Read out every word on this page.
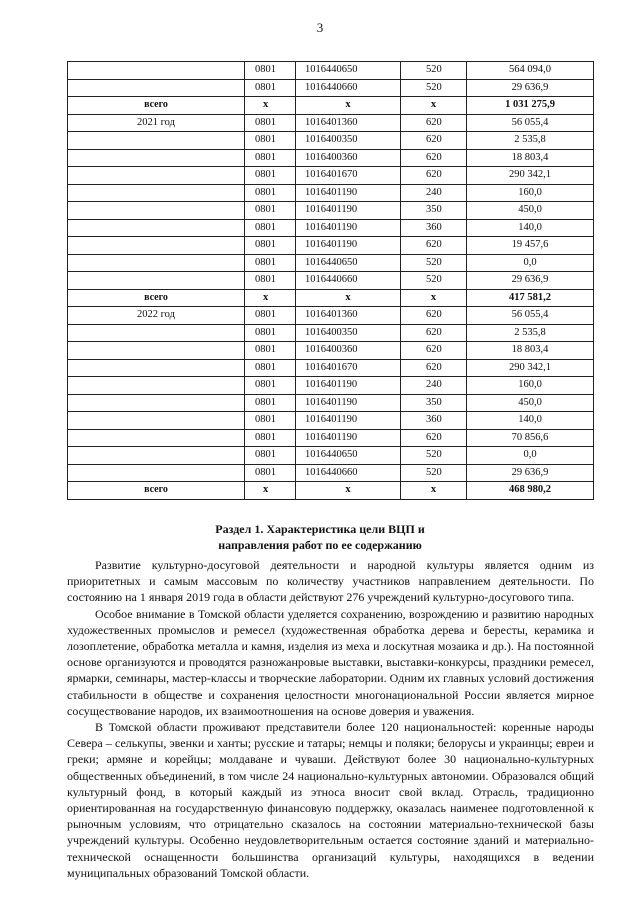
3
	0801	1016440650	520	564 094,0
	0801	1016440660	520	29 636,9
всего	x	x	x	1 031 275,9
2021 год	0801	1016401360	620	56 055,4
	0801	1016400350	620	2 535,8
	0801	1016400360	620	18 803,4
	0801	1016401670	620	290 342,1
	0801	1016401190	240	160,0
	0801	1016401190	350	450,0
	0801	1016401190	360	140,0
	0801	1016401190	620	19 457,6
	0801	1016440650	520	0,0
	0801	1016440660	520	29 636,9
всего	x	x	x	417 581,2
2022 год	0801	1016401360	620	56 055,4
	0801	1016400350	620	2 535,8
	0801	1016400360	620	18 803,4
	0801	1016401670	620	290 342,1
	0801	1016401190	240	160,0
	0801	1016401190	350	450,0
	0801	1016401190	360	140,0
	0801	1016401190	620	70 856,6
	0801	1016440650	520	0,0
	0801	1016440660	520	29 636,9
всего	x	x	x	468 980,2
Раздел 1. Характеристика цели ВЦП и
направления работ по ее содержанию

Развитие культурно-досуговой деятельности и народной культуры является одним из приоритетных и самым массовым по количеству участников направлением деятельности. По состоянию на 1 января 2019 года в области действуют 276 учреждений культурно-досугового типа.

Особое внимание в Томской области уделяется сохранению, возрождению и развитию народных художественных промыслов и ремесел (художественная обработка дерева и бересты, керамика и лозоплетение, обработка металла и камня, изделия из меха и лоскутная мозаика и др.). На постоянной основе организуются и проводятся разножанровые выставки, выставки-конкурсы, праздники ремесел, ярмарки, семинары, мастер-классы и творческие лаборатории. Одним их главных условий достижения стабильности в обществе и сохранения целостности многонациональной России является мирное сосуществование народов, их взаимоотношения на основе доверия и уважения.

В Томской области проживают представители более 120 национальностей: коренные народы Севера – селькупы, эвенки и ханты; русские и татары; немцы и поляки; белорусы и украинцы; евреи и греки; армяне и корейцы; молдаване и чуваши. Действуют более 30 национально-культурных общественных объединений, в том числе 24 национально-культурных автономии. Образовался общий культурный фонд, в который каждый из этноса вносит свой вклад. Отрасль, традиционно ориентированная на государственную финансовую поддержку, оказалась наименее подготовленной к рыночным условиям, что отрицательно сказалось на состоянии материально-технической базы учреждений культуры. Особенно неудовлетворительным остается состояние зданий и материально-технической оснащенности большинства организаций культуры, находящихся в ведении муниципальных образований Томской области.
